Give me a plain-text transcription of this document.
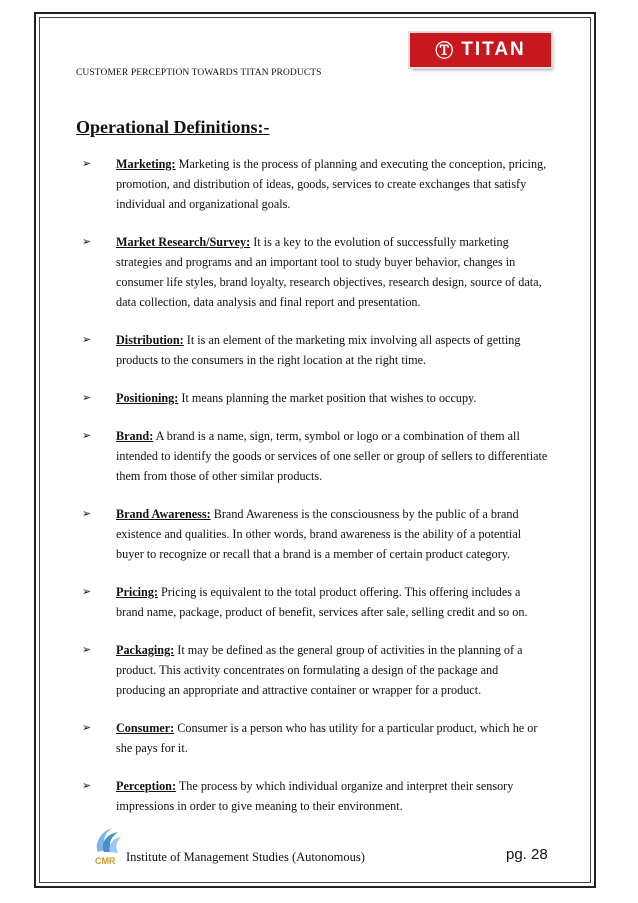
Ⓣ TITAN
CUSTOMER PERCEPTION TOWARDS TITAN PRODUCTS
Operational Definitions:-
➢	Marketing: Marketing is the process of planning and executing the conception, pricing, promotion, and distribution of ideas, goods, services to create exchanges that satisfy individual and organizational goals.
➢	Market Research/Survey: It is a key to the evolution of successfully marketing strategies and programs and an important tool to study buyer behavior, changes in consumer life styles, brand loyalty, research objectives, research design, source of data, data collection, data analysis and final report and presentation.
➢	Distribution: It is an element of the marketing mix involving all aspects of getting products to the consumers in the right location at the right time.
➢	Positioning: It means planning the market position that wishes to occupy.
➢	Brand: A brand is a name, sign, term, symbol or logo or a combination of them all intended to identify the goods or services of one seller or group of sellers to differentiate them from those of other similar products.
➢	Brand Awareness: Brand Awareness is the consciousness by the public of a brand existence and qualities. In other words, brand awareness is the ability of a potential buyer to recognize or recall that a brand is a member of certain product category.
➢	Pricing: Pricing is equivalent to the total product offering. This offering includes a brand name, package, product of benefit, services after sale, selling credit and so on.
➢	Packaging: It may be defined as the general group of activities in the planning of a product. This activity concentrates on formulating a design of the package and producing an appropriate and attractive container or wrapper for a product.
➢	Consumer: Consumer is a person who has utility for a particular product, which he or she pays for it.
➢	Perception: The process by which individual organize and interpret their sensory impressions in order to give meaning to their environment.
CMR Institute of Management Studies (Autonomous)	pg. 28
